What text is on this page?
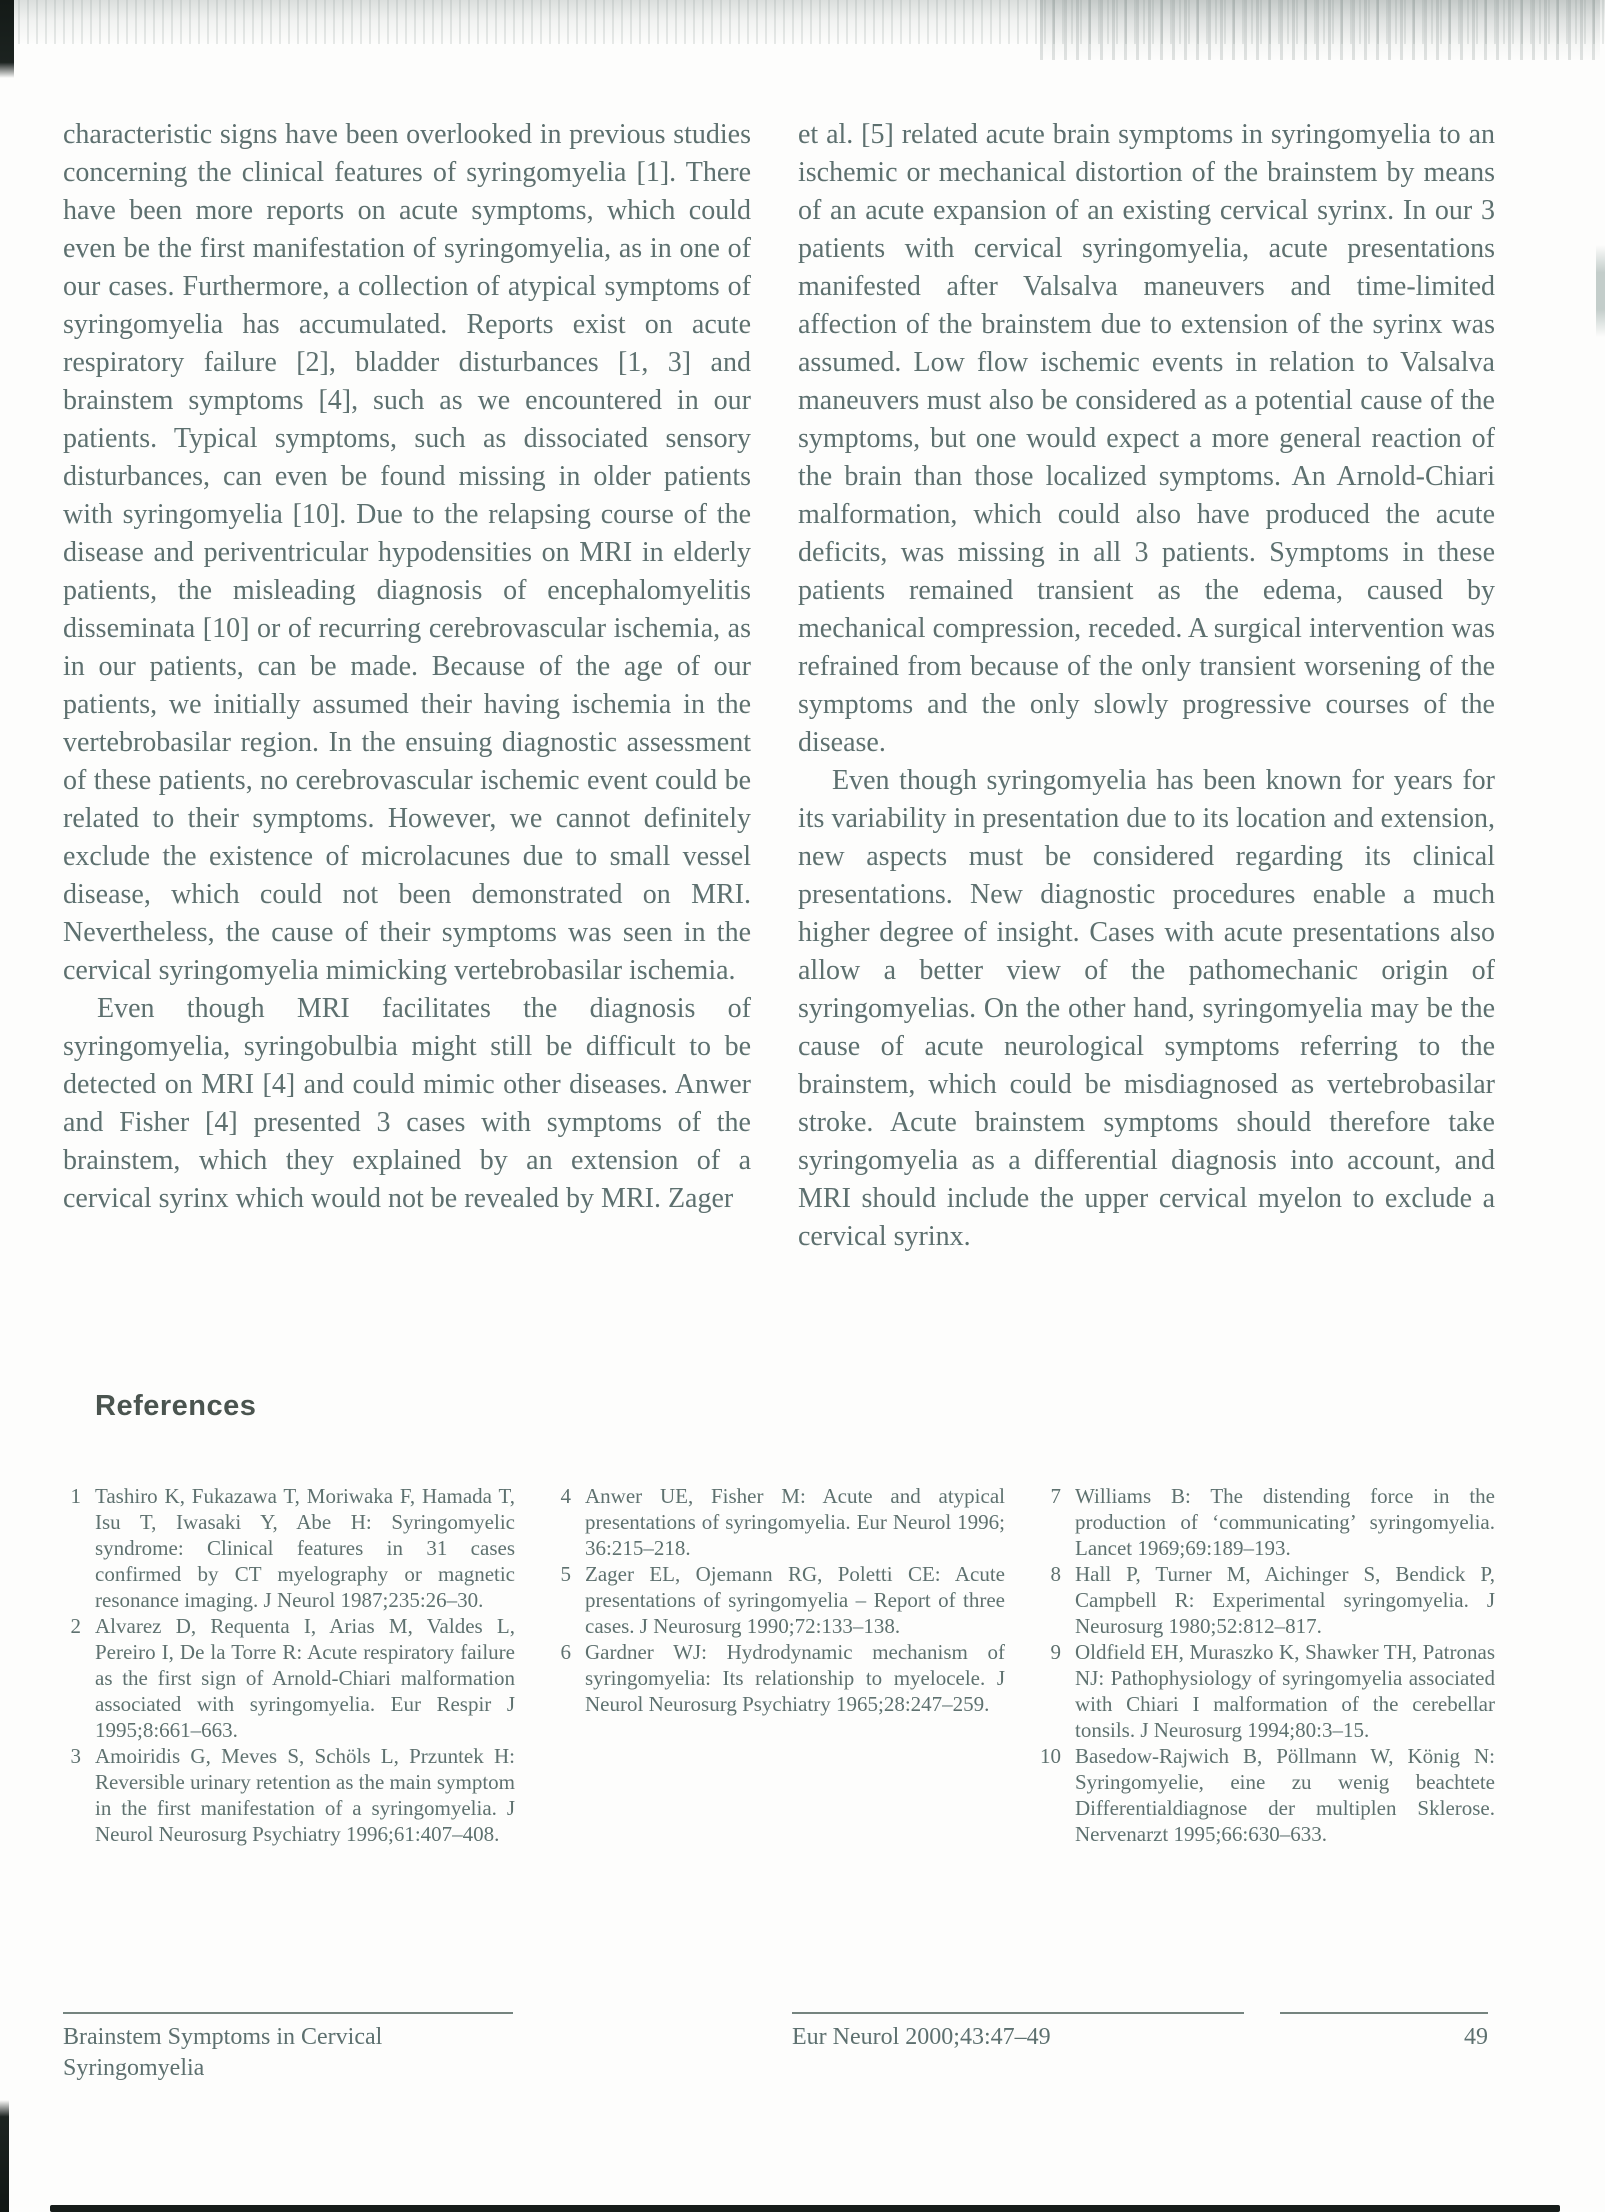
characteristic signs have been overlooked in previous studies concerning the clinical features of syringomyelia [1]. There have been more reports on acute symptoms, which could even be the first manifestation of syringomyelia, as in one of our cases. Furthermore, a collection of atypical symptoms of syringomyelia has accumulated. Reports exist on acute respiratory failure [2], bladder disturbances [1, 3] and brainstem symptoms [4], such as we encountered in our patients. Typical symptoms, such as dissociated sensory disturbances, can even be found missing in older patients with syringomyelia [10]. Due to the relapsing course of the disease and periventricular hypodensities on MRI in elderly patients, the misleading diagnosis of encephalomyelitis disseminata [10] or of recurring cerebrovascular ischemia, as in our patients, can be made. Because of the age of our patients, we initially assumed their having ischemia in the vertebrobasilar region. In the ensuing diagnostic assessment of these patients, no cerebrovascular ischemic event could be related to their symptoms. However, we cannot definitely exclude the existence of microlacunes due to small vessel disease, which could not been demonstrated on MRI. Nevertheless, the cause of their symptoms was seen in the cervical syringomyelia mimicking vertebrobasilar ischemia.

Even though MRI facilitates the diagnosis of syringomyelia, syringobulbia might still be difficult to be detected on MRI [4] and could mimic other diseases. Anwer and Fisher [4] presented 3 cases with symptoms of the brainstem, which they explained by an extension of a cervical syrinx which would not be revealed by MRI. Zager

et al. [5] related acute brain symptoms in syringomyelia to an ischemic or mechanical distortion of the brainstem by means of an acute expansion of an existing cervical syrinx. In our 3 patients with cervical syringomyelia, acute presentations manifested after Valsalva maneuvers and time-limited affection of the brainstem due to extension of the syrinx was assumed. Low flow ischemic events in relation to Valsalva maneuvers must also be considered as a potential cause of the symptoms, but one would expect a more general reaction of the brain than those localized symptoms. An Arnold-Chiari malformation, which could also have produced the acute deficits, was missing in all 3 patients. Symptoms in these patients remained transient as the edema, caused by mechanical compression, receded. A surgical intervention was refrained from because of the only transient worsening of the symptoms and the only slowly progressive courses of the disease.

Even though syringomyelia has been known for years for its variability in presentation due to its location and extension, new aspects must be considered regarding its clinical presentations. New diagnostic procedures enable a much higher degree of insight. Cases with acute presentations also allow a better view of the pathomechanic origin of syringomyelias. On the other hand, syringomyelia may be the cause of acute neurological symptoms referring to the brainstem, which could be misdiagnosed as vertebrobasilar stroke. Acute brainstem symptoms should therefore take syringomyelia as a differential diagnosis into account, and MRI should include the upper cervical myelon to exclude a cervical syrinx.

References
1 Tashiro K, Fukazawa T, Moriwaka F, Hamada T, Isu T, Iwasaki Y, Abe H: Syringomyelic syndrome: Clinical features in 31 cases confirmed by CT myelography or magnetic resonance imaging. J Neurol 1987;235:26–30.
2 Alvarez D, Requenta I, Arias M, Valdes L, Pereiro I, De la Torre R: Acute respiratory failure as the first sign of Arnold-Chiari malformation associated with syringomyelia. Eur Respir J 1995;8:661–663.
3 Amoiridis G, Meves S, Schöls L, Przuntek H: Reversible urinary retention as the main symptom in the first manifestation of a syringomyelia. J Neurol Neurosurg Psychiatry 1996;61:407–408.
4 Anwer UE, Fisher M: Acute and atypical presentations of syringomyelia. Eur Neurol 1996; 36:215–218.
5 Zager EL, Ojemann RG, Poletti CE: Acute presentations of syringomyelia – Report of three cases. J Neurosurg 1990;72:133–138.
6 Gardner WJ: Hydrodynamic mechanism of syringomyelia: Its relationship to myelocele. J Neurol Neurosurg Psychiatry 1965;28:247–259.
7 Williams B: The distending force in the production of ‘communicating’ syringomyelia. Lancet 1969;69:189–193.
8 Hall P, Turner M, Aichinger S, Bendick P, Campbell R: Experimental syringomyelia. J Neurosurg 1980;52:812–817.
9 Oldfield EH, Muraszko K, Shawker TH, Patronas NJ: Pathophysiology of syringomyelia associated with Chiari I malformation of the cerebellar tonsils. J Neurosurg 1994;80:3–15.
10 Basedow-Rajwich B, Pöllmann W, König N: Syringomyelie, eine zu wenig beachtete Differentialdiagnose der multiplen Sklerose. Nervenarzt 1995;66:630–633.
Brainstem Symptoms in Cervical
Syringomyelia
Eur Neurol 2000;43:47–49	49
